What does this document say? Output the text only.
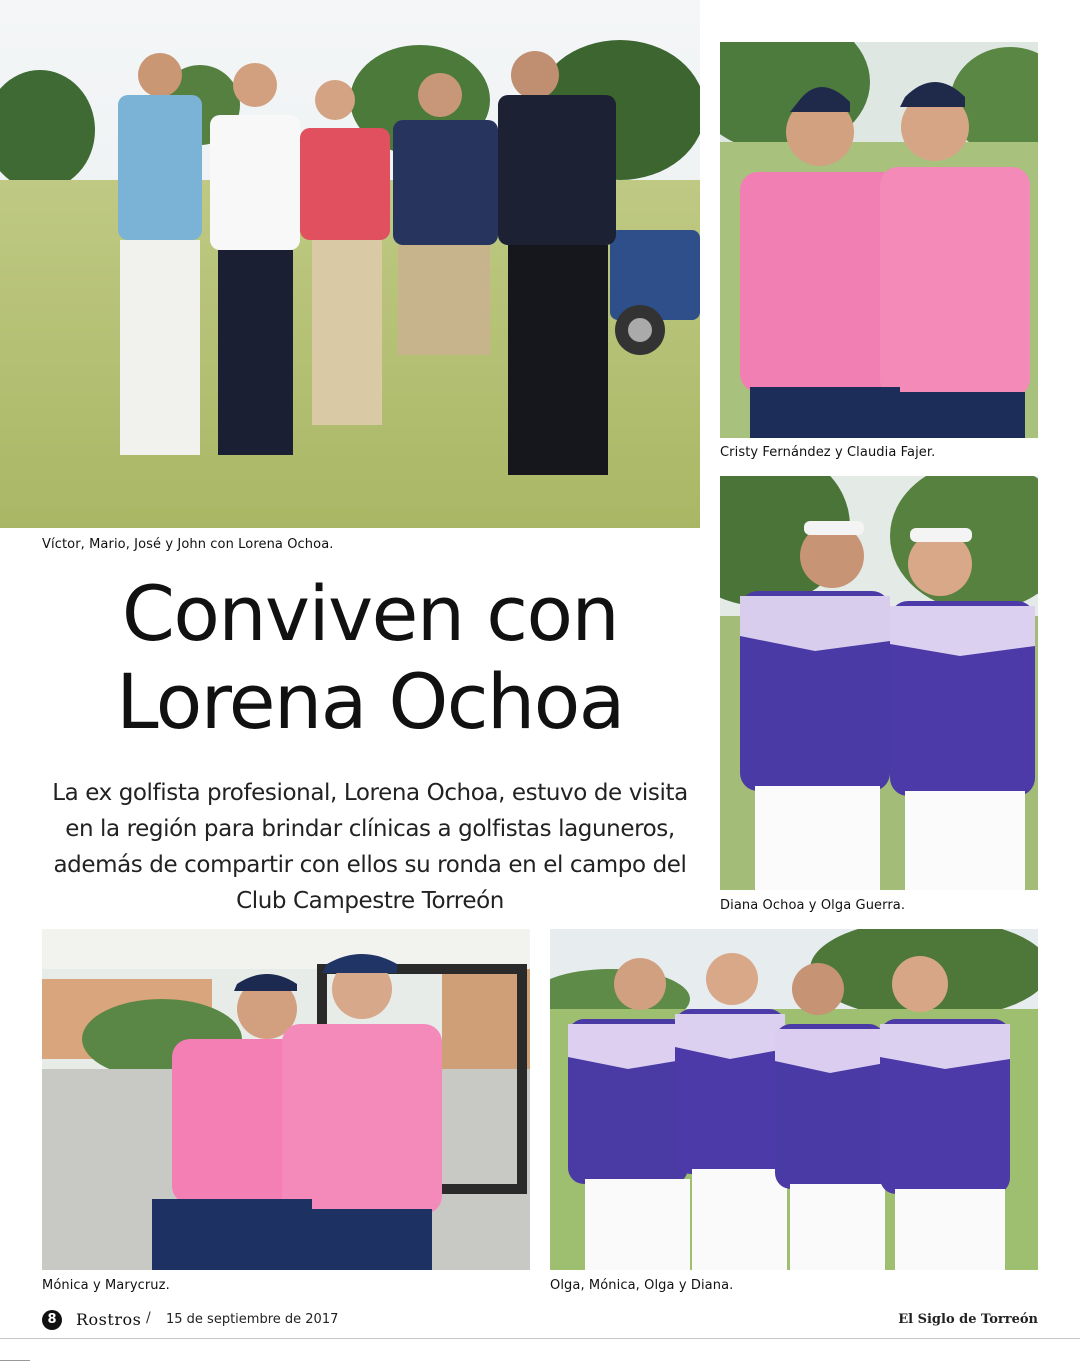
Víctor, Mario, José y John con Lorena Ochoa.
Cristy Fernández y Claudia Fajer.
Diana Ochoa y Olga Guerra.
Conviven con
Lorena Ochoa

La ex golfista profesional, Lorena Ochoa, estuvo de visita en la región para brindar clínicas a golfistas laguneros, además de compartir con ellos su ronda en el campo del Club Campestre Torreón

Mónica y Marycruz.	Olga, Mónica, Olga y Diana.
8	Rostros / 15 de septiembre de 2017	El Siglo de Torreón
